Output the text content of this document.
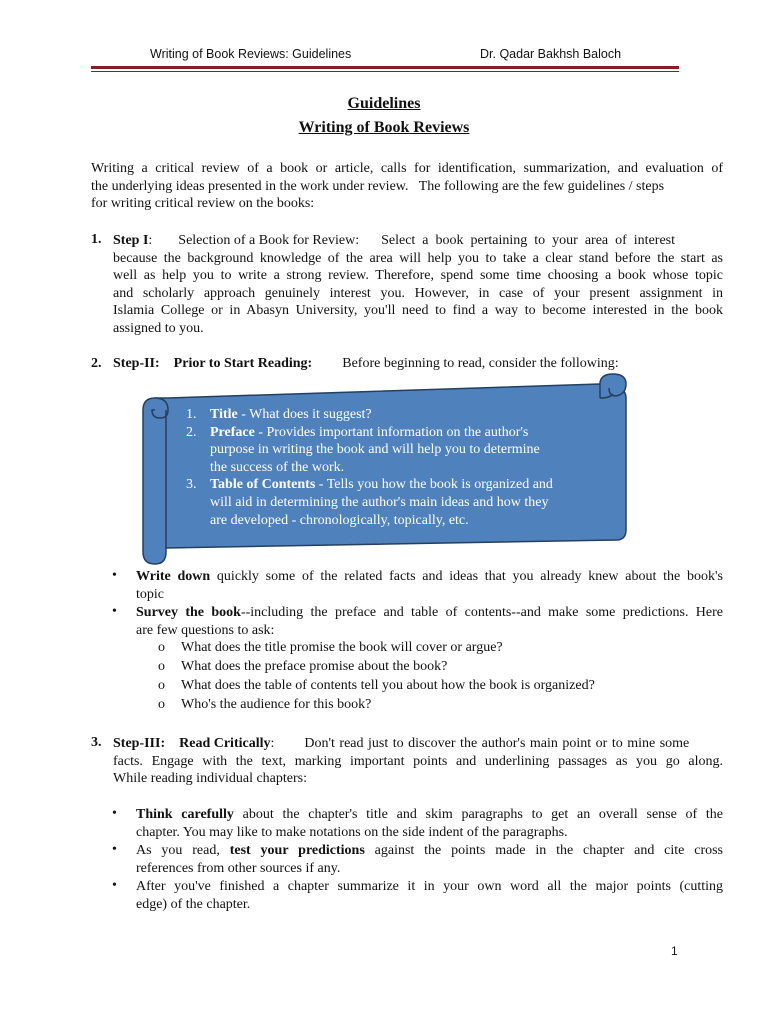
Writing of Book Reviews: Guidelines	Dr. Qadar Bakhsh Baloch
Guidelines
Writing of Book Reviews
Writing a critical review of a book or article, calls for identification, summarization, and evaluation of
the underlying ideas presented in the work under review.   The following are the few guidelines / steps
for writing critical review on the books:
1. Step I: Selection of a Book for Review: Select a book pertaining to your area of interest
because the background knowledge of the area will help you to take a clear stand before the start as
well as help you to write a strong review. Therefore, spend some time choosing a book whose topic
and scholarly approach genuinely interest you. However, in case of your present assignment in
Islamia College or in Abasyn University, you'll need to find a way to become interested in the book
assigned to you.
2. Step-II: Prior to Start Reading: Before beginning to read, consider the following:
1. Title - What does it suggest?
2. Preface - Provides important information on the author's
purpose in writing the book and will help you to determine
the success of the work.
3. Table of Contents - Tells you how the book is organized and
will aid in determining the author's main ideas and how they
are developed - chronologically, topically, etc.
• Write down quickly some of the related facts and ideas that you already knew about the book's
topic
• Survey the book--including the preface and table of contents--and make some predictions. Here
are few questions to ask:
o What does the title promise the book will cover or argue?
o What does the preface promise about the book?
o What does the table of contents tell you about how the book is organized?
o Who's the audience for this book?
3. Step-III: Read Critically: Don't read just to discover the author's main point or to mine some
facts. Engage with the text, marking important points and underlining passages as you go along.
While reading individual chapters:
• Think carefully about the chapter's title and skim paragraphs to get an overall sense of the
chapter. You may like to make notations on the side indent of the paragraphs.
• As you read, test your predictions against the points made in the chapter and cite cross
references from other sources if any.
• After you've finished a chapter summarize it in your own word all the major points (cutting
edge) of the chapter.
1
